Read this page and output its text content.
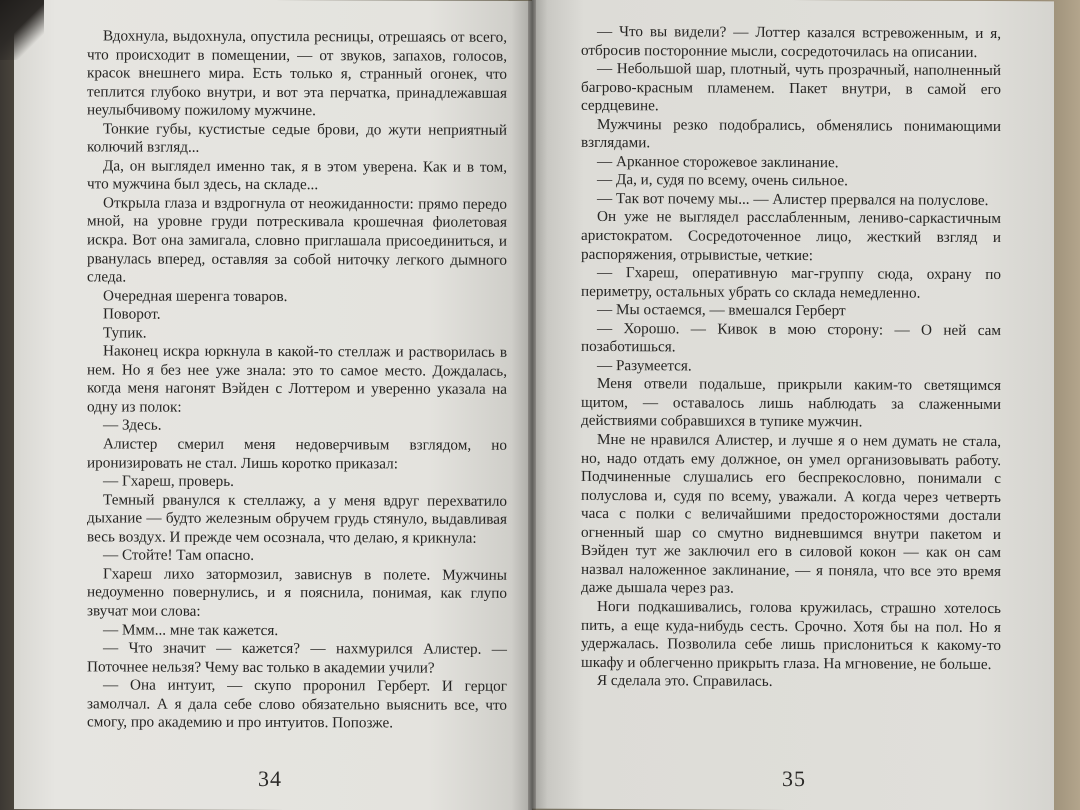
Вдохнула, выдохнула, опустила ресницы, отрешаясь от всего, что происходит в помещении, — от звуков, запахов, голосов, красок внешнего мира. Есть только я, странный огонек, что теплится глубоко внутри, и вот эта перчатка, принадлежавшая неулыбчивому пожилому мужчине.

Тонкие губы, кустистые седые брови, до жути неприятный колючий взгляд...

Да, он выглядел именно так, я в этом уверена. Как и в том, что мужчина был здесь, на складе...

Открыла глаза и вздрогнула от неожиданности: прямо передо мной, на уровне груди потрескивала крошечная фиолетовая искра. Вот она замигала, словно приглашала присоединиться, и рванулась вперед, оставляя за собой ниточку легкого дымного следа.

Очередная шеренга товаров.

Поворот.

Тупик.

Наконец искра юркнула в какой-то стеллаж и растворилась в нем. Но я без нее уже знала: это то самое место. Дождалась, когда меня нагонят Вэйден с Лоттером и уверенно указала на одну из полок:

— Здесь.

Алистер смерил меня недоверчивым взглядом, но иронизировать не стал. Лишь коротко приказал:

— Гхареш, проверь.

Темный рванулся к стеллажу, а у меня вдруг перехватило дыхание — будто железным обручем грудь стянуло, выдавливая весь воздух. И прежде чем осознала, что делаю, я крикнула:

— Стойте! Там опасно.

Гхареш лихо затормозил, зависнув в полете. Мужчины недоуменно повернулись, и я пояснила, понимая, как глупо звучат мои слова:

— Ммм... мне так кажется.

— Что значит — кажется? — нахмурился Алистер. — Поточнее нельзя? Чему вас только в академии учили?

— Она интуит, — скупо проронил Герберт. И герцог замолчал. А я дала себе слово обязательно выяснить все, что смогу, про академию и про интуитов. Попозже.

34

— Что вы видели? — Лоттер казался встревоженным, и я, отбросив посторонние мысли, сосредоточилась на описании.

— Небольшой шар, плотный, чуть прозрачный, наполненный багрово-красным пламенем. Пакет внутри, в самой его сердцевине.

Мужчины резко подобрались, обменялись понимающими взглядами.

— Арканное сторожевое заклинание.

— Да, и, судя по всему, очень сильное.

— Так вот почему мы... — Алистер прервался на полуслове.

Он уже не выглядел расслабленным, лениво-саркастичным аристократом. Сосредоточенное лицо, жесткий взгляд и распоряжения, отрывистые, четкие:

— Гхареш, оперативную маг-группу сюда, охрану по периметру, остальных убрать со склада немедленно.

— Мы остаемся, — вмешался Герберт

— Хорошо. — Кивок в мою сторону: — О ней сам позаботишься.

— Разумеется.

Меня отвели подальше, прикрыли каким-то светящимся щитом, — оставалось лишь наблюдать за слаженными действиями собравшихся в тупике мужчин.

Мне не нравился Алистер, и лучше я о нем думать не стала, но, надо отдать ему должное, он умел организовывать работу. Подчиненные слушались его беспрекословно, понимали с полуслова и, судя по всему, уважали. А когда через четверть часа с полки с величайшими предосторожностями достали огненный шар со смутно видневшимся внутри пакетом и Вэйден тут же заключил его в силовой кокон — как он сам назвал наложенное заклинание, — я поняла, что все это время даже дышала через раз.

Ноги подкашивались, голова кружилась, страшно хотелось пить, а еще куда-нибудь сесть. Срочно. Хотя бы на пол. Но я удержалась. Позволила себе лишь прислониться к какому-то шкафу и облегченно прикрыть глаза. На мгновение, не больше.

Я сделала это. Справилась.

35
